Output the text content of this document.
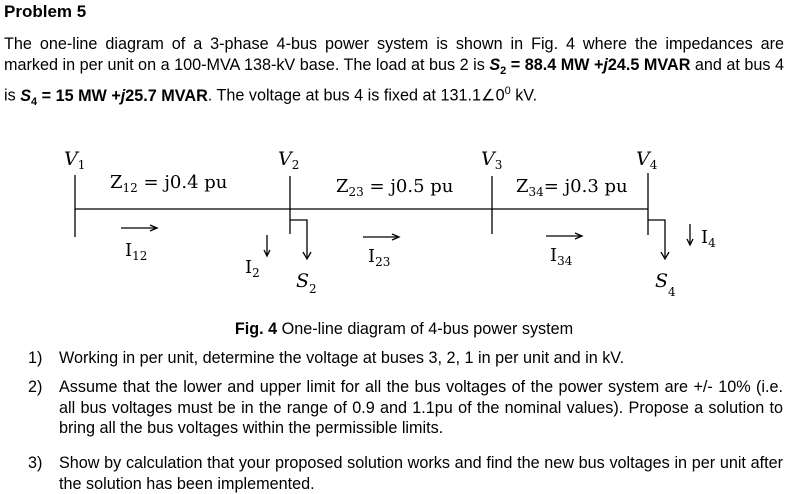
Problem 5
The one-line diagram of a 3-phase 4-bus power system is shown in Fig. 4 where the impedances are marked in per unit on a 100-MVA 138-kV base. The load at bus 2 is $S_2 = 88.4$ MW +j24.5 MVAR and at bus 4 is $S_4 = 15$ MW +j25.7 MVAR. The voltage at bus 4 is fixed at $131.1\angle 0^0$ kV.
$V_1$	$V_2$	$V_3$	$V_4$
$Z_{12} = j0.4$ pu	$Z_{23} = j0.5$ pu	$Z_{34}= j0.3$ pu
$I_{12}$	$I_{23}$	$I_{34}$
$I_2$
$I_4$
$S_2$	$S_4$
Fig. 4 One-line diagram of 4-bus power system
1) Working in per unit, determine the voltage at buses 3, 2, 1 in per unit and in kV.
2) Assume that the lower and upper limit for all the bus voltages of the power system are +/- 10% (i.e. all bus voltages must be in the range of 0.9 and 1.1pu of the nominal values). Propose a solution to bring all the bus voltages within the permissible limits.
3) Show by calculation that your proposed solution works and find the new bus voltages in per unit after the solution has been implemented.
